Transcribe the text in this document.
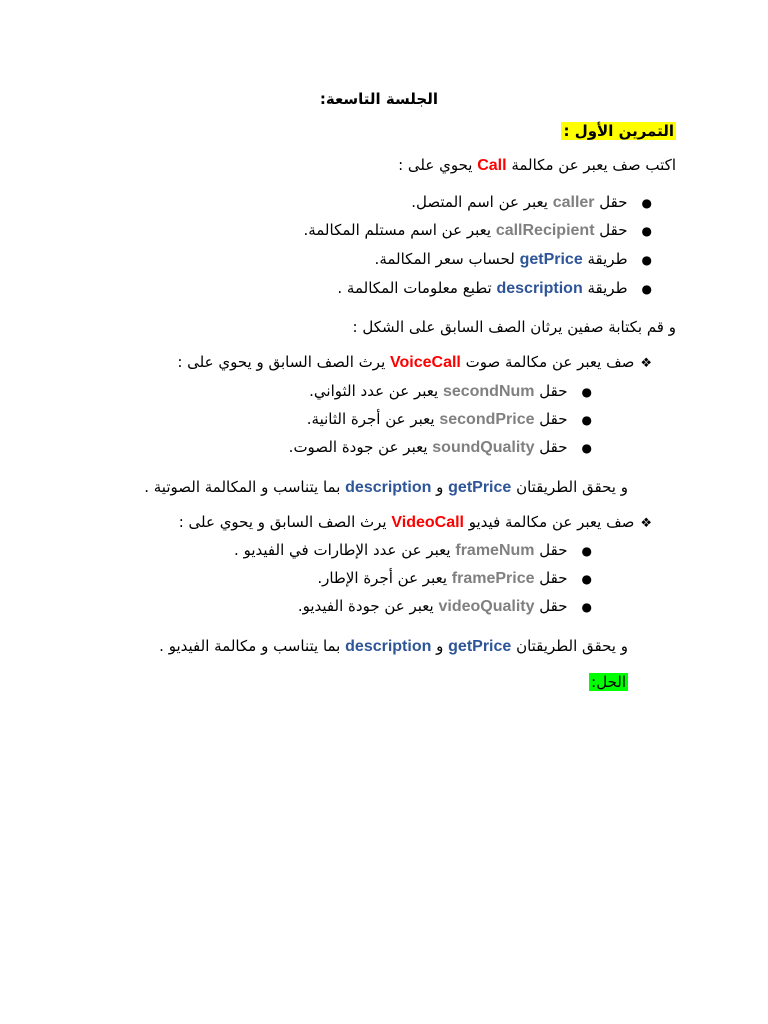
الجلسة التاسعة:
التمرين الأول :
اكتب صف يعبر عن مكالمة Call يحوي على :
●حقل caller يعبر عن اسم المتصل.
●حقل callRecipient يعبر عن اسم مستلم المكالمة.
●طريقة getPrice لحساب سعر المكالمة.
●طريقة description تطبع معلومات المكالمة .
و قم بكتابة صفين يرثان الصف السابق على الشكل :
❖صف يعبر عن مكالمة صوت VoiceCall يرث الصف السابق و يحوي على :
●حقل secondNum يعبر عن عدد الثواني.
●حقل secondPrice يعبر عن أجرة الثانية.
●حقل soundQuality يعبر عن جودة الصوت.
و يحقق الطريقتان getPrice و description بما يتناسب و المكالمة الصوتية .
❖صف يعبر عن مكالمة فيديو VideoCall يرث الصف السابق و يحوي على :
●حقل frameNum يعبر عن عدد الإطارات في الفيديو .
●حقل framePrice يعبر عن أجرة الإطار.
●حقل videoQuality يعبر عن جودة الفيديو.
و يحقق الطريقتان getPrice و description بما يتناسب و مكالمة الفيديو .
الحل:
